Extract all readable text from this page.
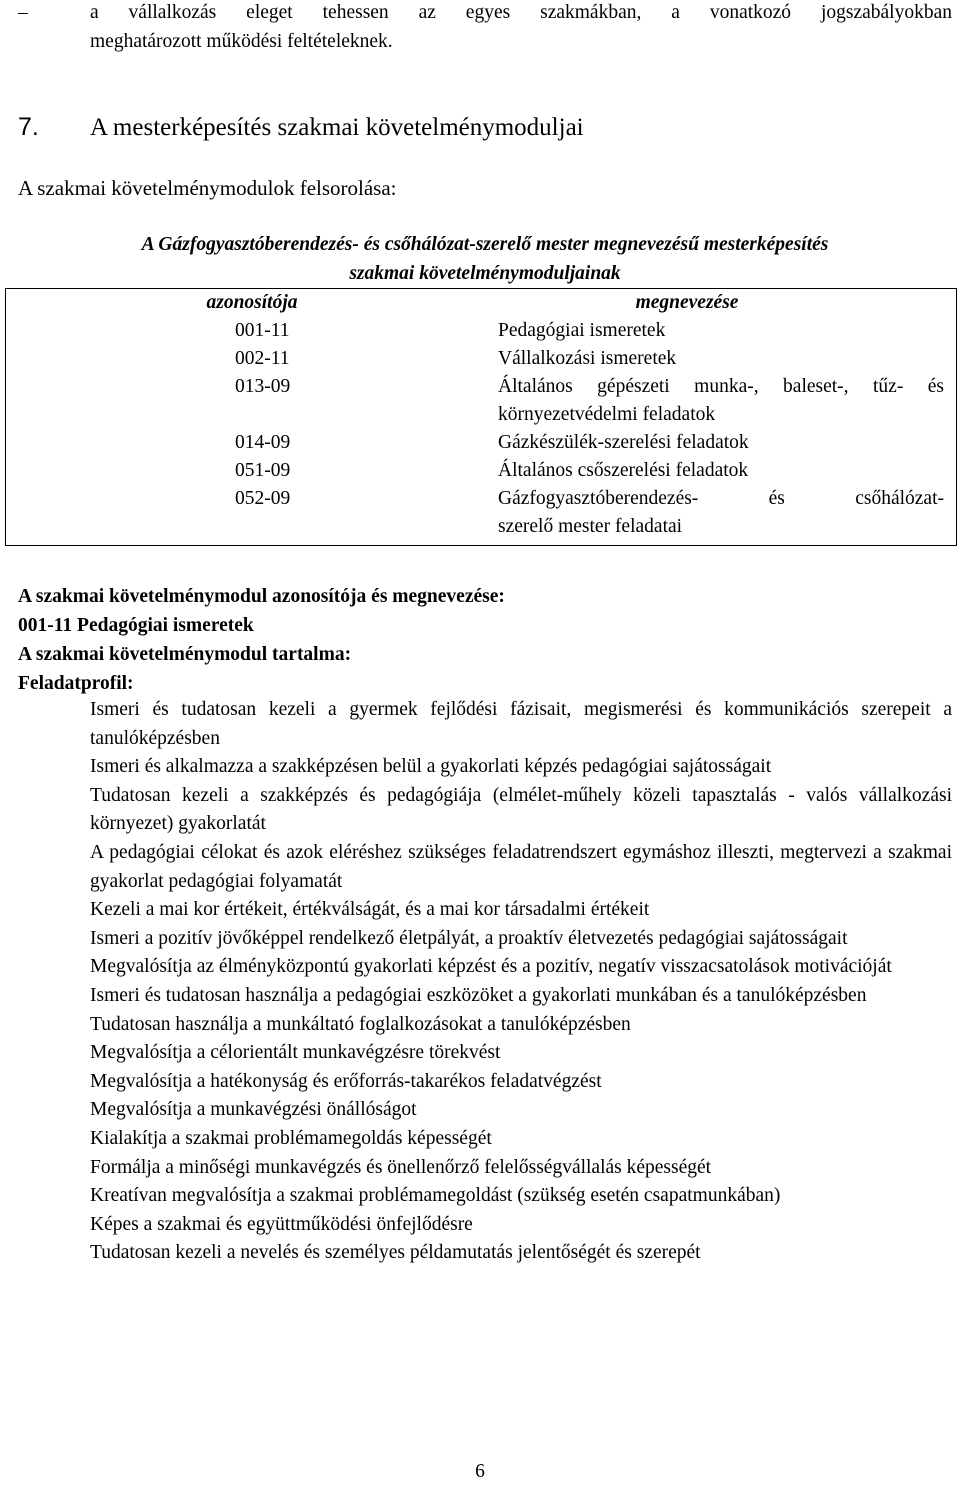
–	a vállalkozás eleget tehessen az egyes szakmákban, a vonatkozó jogszabályokban
meghatározott működési feltételeknek.
7. A mesterképesítés szakmai követelménymoduljai
A szakmai követelménymodulok felsorolása:
A Gázfogyasztóberendezés- és csőhálózat-szerelő mester megnevezésű mesterképesítés
szakmai követelménymoduljainak
azonosítója	megnevezése
001-11	Pedagógiai ismeretek
002-11	Vállalkozási ismeretek
013-09	Általános gépészeti munka-, baleset-, tűz- és
környezetvédelmi feladatok
014-09	Gázkészülék-szerelési feladatok
051-09	Általános csőszerelési feladatok
052-09	Gázfogyasztóberendezés- és csőhálózat-
szerelő mester feladatai
A szakmai követelménymodul azonosítója és megnevezése:
001-11 Pedagógiai ismeretek
A szakmai követelménymodul tartalma:
Feladatprofil:
Ismeri és tudatosan kezeli a gyermek fejlődési fázisait, megismerési és kommunikációs szerepeit a tanulóképzésben
Ismeri és alkalmazza a szakképzésen belül a gyakorlati képzés pedagógiai sajátosságait
Tudatosan kezeli a szakképzés és pedagógiája (elmélet-műhely közeli tapasztalás - valós vállalkozási környezet) gyakorlatát
A pedagógiai célokat és azok eléréshez szükséges feladatrendszert egymáshoz illeszti, megtervezi a szakmai gyakorlat pedagógiai folyamatát
Kezeli a mai kor értékeit, értékválságát, és a mai kor társadalmi értékeit
Ismeri a pozitív jövőképpel rendelkező életpályát, a proaktív életvezetés pedagógiai sajátosságait
Megvalósítja az élményközpontú gyakorlati képzést és a pozitív, negatív visszacsatolások motivációját
Ismeri és tudatosan használja a pedagógiai eszközöket a gyakorlati munkában és a tanulóképzésben
Tudatosan használja a munkáltató foglalkozásokat a tanulóképzésben
Megvalósítja a célorientált munkavégzésre törekvést
Megvalósítja a hatékonyság és erőforrás-takarékos feladatvégzést
Megvalósítja a munkavégzési önállóságot
Kialakítja a szakmai problémamegoldás képességét
Formálja a minőségi munkavégzés és önellenőrző felelősségvállalás képességét
Kreatívan megvalósítja a szakmai problémamegoldást (szükség esetén csapatmunkában)
Képes a szakmai és együttműködési önfejlődésre
Tudatosan kezeli a nevelés és személyes példamutatás jelentőségét és szerepét
6
